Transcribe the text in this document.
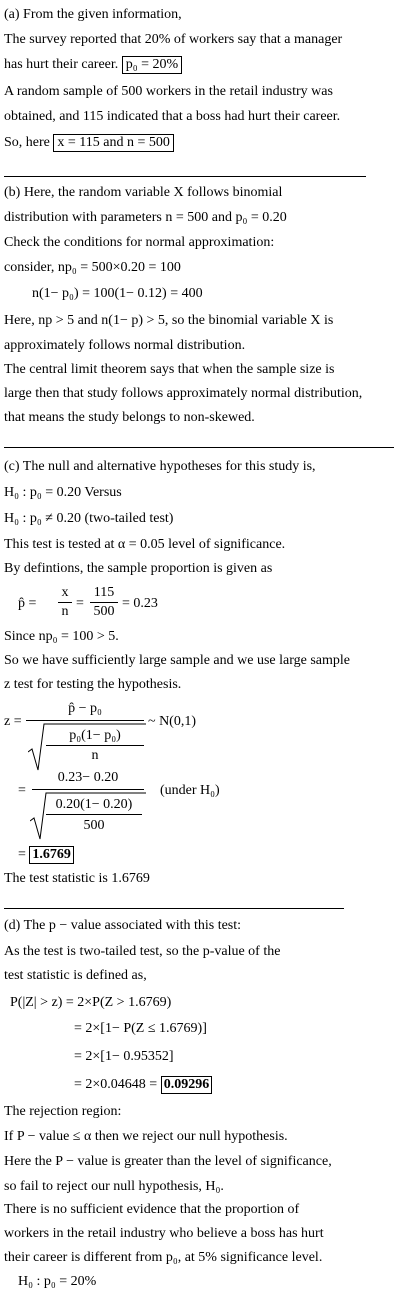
(a) From the given information,
The survey reported that 20% of workers say that a manager
has hurt their career. p₀ = 20%
A random sample of 500 workers in the retail industry was
obtained, and 115 indicated that a boss had hurt their career.
So, here x = 115 and n = 500
(b) Here, the random variable X follows binomial
distribution with parameters n = 500 and p₀ = 0.20
Check the conditions for normal approximation:
consider, np₀ = 500×0.20 = 100
n(1− p₀) = 100(1− 0.12) = 400
Here, np > 5 and n(1− p) > 5, so the binomial variable X is
approximately follows normal distribution.
The central limit theorem says that when the sample size is
large then that study follows approximately normal distribution,
that means the study belongs to non-skewed.
(c) The null and alternative hypotheses for this study is,
H₀ : p₀ = 0.20 Versus
H₀ : p₀ ≠ 0.20 (two-tailed test)
This test is tested at α = 0.05 level of significance.
By defintions, the sample proportion is given as
p̂ =
x
n
=
115
500
= 0.23
Since np₀ = 100 > 5.
So we have sufficiently large sample and we use large sample
z test for testing the hypothesis.
z =
p̂ − p₀
p₀(1− p₀)
n
~ N(0,1)
=
0.23− 0.20
0.20(1− 0.20)
500
(under H₀)
= 1.6769
The test statistic is 1.6769
(d) The p − value associated with this test:
As the test is two-tailed test, so the p-value of the
test statistic is defined as,
P(|Z| > z) = 2×P(Z > 1.6769)
= 2×[1− P(Z ≤ 1.6769)]
= 2×[1− 0.95352]
= 2×0.04648 = 0.09296
The rejection region:
If P − value ≤ α then we reject our null hypothesis.
Here the P − value is greater than the level of significance,
so fail to reject our null hypothesis, H₀.
There is no sufficient evidence that the proportion of
workers in the retail industry who believe a boss has hurt
their career is different from p₀, at 5% significance level.
H₀ : p₀ = 20%
